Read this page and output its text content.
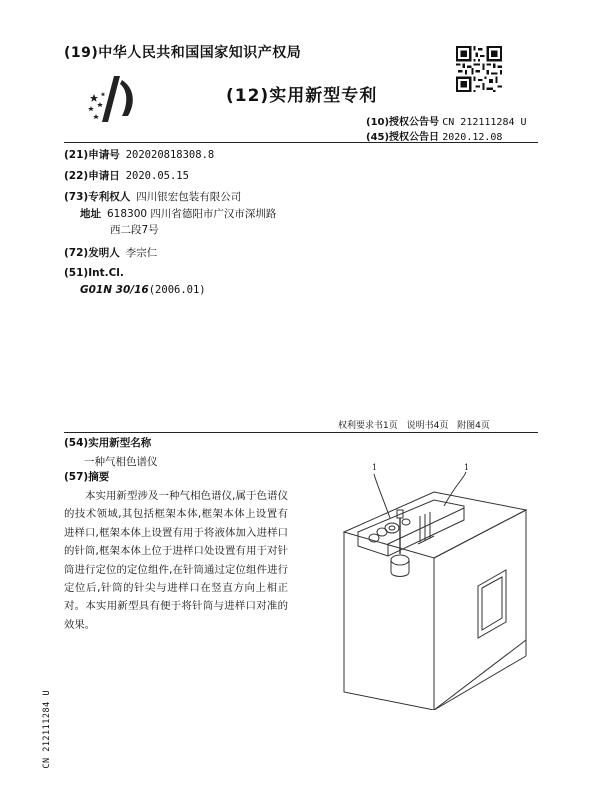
(19)中华人民共和国国家知识产权局
(12)实用新型专利
(10)授权公告号 CN 212111284 U
(45)授权公告日 2020.12.08
(21)申请号 202020818308.8
(22)申请日 2020.05.15
(73)专利权人 四川银宏包装有限公司
地址 618300 四川省德阳市广汉市深圳路
西二段7号
(72)发明人 李宗仁
(51)Int.Cl.
G01N 30/16(2006.01)
权利要求书1页 说明书4页 附图4页
(54)实用新型名称
一种气相色谱仪
(57)摘要
本实用新型涉及一种气相色谱仪,属于色谱仪的技术领域,其包括框架本体,框架本体上设置有进样口,框架本体上设置有用于将液体加入进样口的针筒,框架本体上位于进样口处设置有用于对针筒进行定位的定位组件,在针筒通过定位组件进行定位后,针筒的针尖与进样口在竖直方向上相正对。本实用新型具有便于将针筒与进样口对准的效果。
1	1
CN 212111284 U
